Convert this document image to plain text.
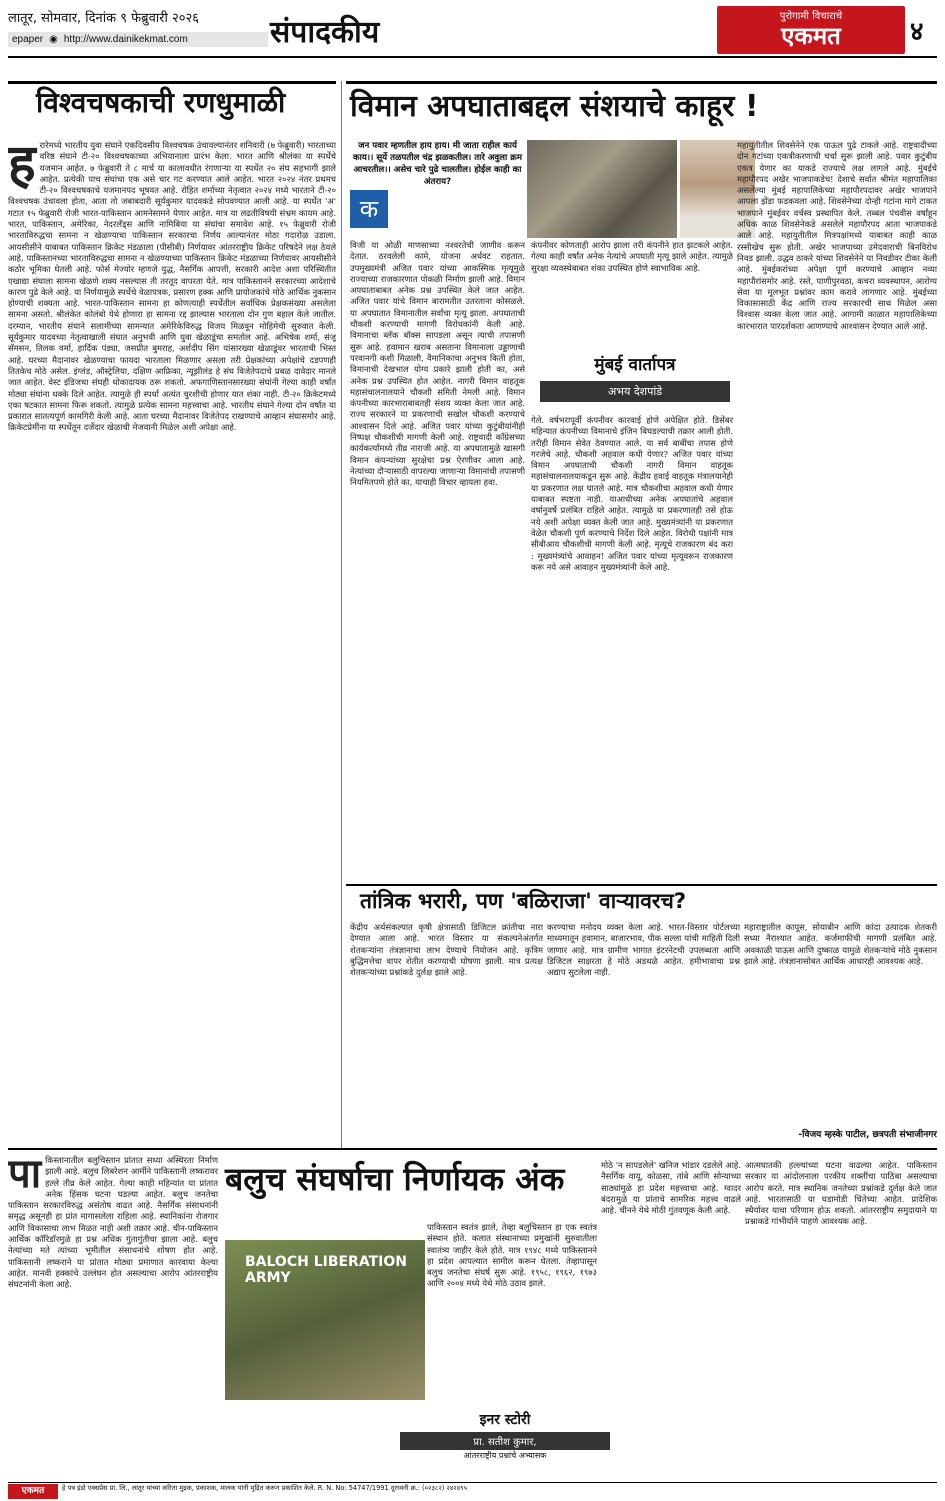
लातूर, सोमवार, दिनांक ९ फेब्रुवारी २०२६
epaper ◉ http://www.dainikekmat.com	संपादकीय	पुरोगामी विचाराचे
एकमत	४
विश्वचषकाची रणधुमाळी
ह रारेमध्ये भारतीय युवा संघाने एकदिवसीय विश्वचषक उंचावल्यानंतर शनिवारी (७ फेब्रुवारी) भारताच्या वरिष्ठ संघाने टी-२० विश्वचषकाच्या अभियानाला प्रारंभ केला. भारत आणि श्रीलंका या स्पर्धेचे यजमान आहेत. ७ फेब्रुवारी ते ८ मार्च या कालावधीत रंगणाऱ्या या स्पर्धेत २० संघ सहभागी झाले आहेत. प्रत्येकी पाच संघांचा एक असे चार गट करण्यात आले आहेत. भारत २०२४ नंतर प्रथमच टी-२० विश्वचषकाचे यजमानपद भूषवत आहे. रोहित शर्माच्या नेतृत्वात २०२४ मध्ये भारताने टी-२० विश्वचषक उंचावला होता, आता तो जबाबदारी सूर्यकुमार यादवकडे सोपवण्यात आली आहे. या स्पर्धेत 'अ' गटात १५ फेब्रुवारी रोजी भारत-पाकिस्तान आमनेसामने येणार आहेत. मात्र या लढतीविषयी संभ्रम कायम आहे. भारत, पाकिस्तान, अमेरिका, नेदरलँड्स आणि नामिबिया या संघांचा समावेश आहे. १५ फेब्रुवारी रोजी भारताविरुद्धचा सामना न खेळण्याचा पाकिस्तान सरकारचा निर्णय आल्यानंतर मोठा गदारोळ उडाला. आयसीसीने याबाबत पाकिस्तान क्रिकेट मंडळाला (पीसीबी) निर्णयावर आंतरराष्ट्रीय क्रिकेट परिषदेने लक्ष ठेवले आहे. पाकिस्तानच्या भारताविरुद्धचा सामना न खेळण्याच्या पाकिस्तान क्रिकेट मंडळाच्या निर्णयावर आयसीसीने कठोर भूमिका घेतली आहे. फोर्स मेज्योर म्हणजे युद्ध, नैसर्गिक आपत्ती, सरकारी आदेश अशा परिस्थितीत एखाद्या संघाला सामना खेळणे शक्य नसल्यास ती तरतूद वापरता येते. मात्र पाकिस्तानने सरकारच्या आदेशाचे कारण पुढे केले आहे. या निर्णयामुळे स्पर्धेचे वेळापत्रक, प्रसारण हक्क आणि प्रायोजकांचे मोठे आर्थिक नुकसान होण्याची शक्यता आहे. भारत-पाकिस्तान सामना हा कोणत्याही स्पर्धेतील सर्वाधिक प्रेक्षकसंख्या असलेला सामना असतो. श्रीलंकेत कोलंबो येथे होणारा हा सामना रद्द झाल्यास भारताला दोन गुण बहाल केले जातील. दरम्यान, भारतीय संघाने सलामीच्या सामन्यात अमेरिकेविरुद्ध विजय मिळवून मोहिमेची सुरुवात केली. सूर्यकुमार यादवच्या नेतृत्वाखाली संघात अनुभवी आणि युवा खेळाडूंचा समतोल आहे. अभिषेक शर्मा, संजू सॅमसन, तिलक वर्मा, हार्दिक पंड्या, जसप्रीत बुमराह, अर्शदीप सिंग यांसारख्या खेळाडूंवर भारताची भिस्त आहे. घरच्या मैदानावर खेळण्याचा फायदा भारताला मिळणार असला तरी प्रेक्षकांच्या अपेक्षांचे दडपणही तितकेच मोठे असेल. इंग्लंड, ऑस्ट्रेलिया, दक्षिण आफ्रिका, न्यूझीलंड हे संघ विजेतेपदाचे प्रबळ दावेदार मानले जात आहेत. वेस्ट इंडिजचा संघही धोकादायक ठरू शकतो. अफगाणिस्तानसारख्या संघांनी गेल्या काही वर्षांत मोठ्या संघांना धक्के दिले आहेत. त्यामुळे ही स्पर्धा अत्यंत चुरशीची होणार यात शंका नाही. टी-२० क्रिकेटमध्ये एका षटकात सामना फिरू शकतो. त्यामुळे प्रत्येक सामना महत्त्वाचा आहे. भारतीय संघाने गेल्या दोन वर्षांत या प्रकारात सातत्यपूर्ण कामगिरी केली आहे. आता घरच्या मैदानावर विजेतेपद राखण्याचे आव्हान संघासमोर आहे. क्रिकेटप्रेमींना या स्पर्धेतून दर्जेदार खेळाची मेजवानी मिळेल अशी अपेक्षा आहे.
विमान अपघाताबद्दल संशयाचे काहूर !
जन पवार म्हणतील हाय हाय। मी जाता राहील कार्य काय।। सूर्ये तळपतील चंद्र झळकतील। तारे अवुला क्रम आचरतील।। असेच चारे पुढे चालतील। होईल काही का अंतराय?
क
विजी या ओळी माणसाच्या नश्वरतेची जाणीव करून देतात. ठरवलेली कामे, योजना अर्धवट राहतात. उपमुख्यमंत्री अजित पवार यांच्या आकस्मिक मृत्यूमुळे राज्याच्या राजकारणात पोकळी निर्माण झाली आहे. विमान अपघाताबाबत अनेक प्रश्न उपस्थित केले जात आहेत. अजित पवार यांचे विमान बारामतीत उतरताना कोसळले. या अपघातात विमानातील सर्वांचा मृत्यू झाला. अपघाताची चौकशी करण्याची मागणी विरोधकांनी केली आहे. विमानाचा ब्लॅक बॉक्स सापडला असून त्याची तपासणी सुरू आहे. हवामान खराब असताना विमानाला उड्डाणाची परवानगी कशी मिळाली, वैमानिकाचा अनुभव किती होता, विमानाची देखभाल योग्य प्रकारे झाली होती का, असे अनेक प्रश्न उपस्थित होत आहेत. नागरी विमान वाहतूक महासंचालनालयाने चौकशी समिती नेमली आहे. विमान कंपनीच्या कारभाराबाबतही संशय व्यक्त केला जात आहे. राज्य सरकारने या प्रकरणाची सखोल चौकशी करण्याचे आश्वासन दिले आहे. अजित पवार यांच्या कुटुंबीयांनीही निष्पक्ष चौकशीची मागणी केली आहे. राष्ट्रवादी काँग्रेसच्या कार्यकर्त्यांमध्ये तीव्र नाराजी आहे. या अपघातामुळे खासगी विमान कंपन्यांच्या सुरक्षेचा प्रश्न ऐरणीवर आला आहे. नेत्यांच्या दौऱ्यासाठी वापरल्या जाणाऱ्या विमानांची तपासणी नियमितपणे होते का, याचाही विचार व्हायला हवा.
कंपनीवर कोणताही आरोप झाला तरी कंपनीने हात झटकले आहेत. गेल्या काही वर्षांत अनेक नेत्यांचे अपघाती मृत्यू झाले आहेत. त्यामुळे सुरक्षा व्यवस्थेबाबत शंका उपस्थित होणे स्वाभाविक आहे.
मुंबई वार्तापत्र
अभय देशपांडे
गेले. वर्षभरापूर्वी कंपनीवर कारवाई होणे अपेक्षित होते. डिसेंबर महिन्यात कंपनीच्या विमानाचे इंजिन बिघडल्याची तक्रार आली होती. तरीही विमान सेवेत ठेवण्यात आले. या सर्व बाबींचा तपास होणे गरजेचे आहे. चौकशी अहवाल कधी येणार? अजित पवार यांच्या विमान अपघाताची चौकशी नागरी विमान वाहतूक महासंचालनालयाकडून सुरू आहे. केंद्रीय हवाई वाहतूक मंत्रालयानेही या प्रकरणात लक्ष घातले आहे. मात्र चौकशीचा अहवाल कधी येणार याबाबत स्पष्टता नाही. याआधीच्या अनेक अपघातांचे अहवाल वर्षानुवर्षे प्रलंबित राहिले आहेत. त्यामुळे या प्रकरणातही तसे होऊ नये अशी अपेक्षा व्यक्त केली जात आहे. मुख्यमंत्र्यांनी या प्रकरणात वेळेत चौकशी पूर्ण करण्याचे निर्देश दिले आहेत. विरोधी पक्षांनी मात्र सीबीआय चौकशीची मागणी केली आहे. मृत्यूचे राजकारण बंद करा : मुख्यमंत्र्यांचे आवाहन! अजित पवार यांच्या मृत्यूवरून राजकारण करू नये असे आवाहन मुख्यमंत्र्यांनी केले आहे.
महायुतीतील शिवसेनेने एक पाऊल पुढे टाकले आहे. राष्ट्रवादीच्या दोन गटांच्या एकत्रीकरणाची चर्चा सुरू झाली आहे. पवार कुटुंबीय एकत्र येणार का याकडे राज्याचे लक्ष लागले आहे. मुंबईचे महापौरपद अखेर भाजपाकडेच! देशाचे सर्वात श्रीमंत महापालिका असलेल्या मुंबई महापालिकेच्या महापौरपदावर अखेर भाजपाने आपला झेंडा फडकवला आहे. शिवसेनेच्या दोन्ही गटांना मागे टाकत भाजपाने मुंबईवर वर्चस्व प्रस्थापित केले. तब्बल पंचवीस वर्षांहून अधिक काळ शिवसेनेकडे असलेले महापौरपद आता भाजपाकडे आले आहे. महायुतीतील मित्रपक्षांमध्ये याबाबत काही काळ रस्सीखेच सुरू होती. अखेर भाजपाच्या उमेदवाराची बिनविरोध निवड झाली. उद्धव ठाकरे यांच्या शिवसेनेने या निवडीवर टीका केली आहे. मुंबईकरांच्या अपेक्षा पूर्ण करण्याचे आव्हान नव्या महापौरांसमोर आहे. रस्ते, पाणीपुरवठा, कचरा व्यवस्थापन, आरोग्य सेवा या मूलभूत प्रश्नांवर काम करावे लागणार आहे. मुंबईच्या विकासासाठी केंद्र आणि राज्य सरकारची साथ मिळेल असा विश्वास व्यक्त केला जात आहे. आगामी काळात महापालिकेच्या कारभारात पारदर्शकता आणण्याचे आश्वासन देण्यात आले आहे.
तांत्रिक भरारी, पण 'बळिराजा' वाऱ्यावरच?
केंद्रीय अर्थसंकल्पात कृषी क्षेत्रासाठी डिजिटल क्रांतीचा नारा देण्यात आला आहे. भारत विस्तार या संकल्पनेअंतर्गत शेतकऱ्यांना तंत्रज्ञानाचा लाभ देण्याचे नियोजन आहे. कृत्रिम बुद्धिमत्तेचा वापर शेतीत करण्याची घोषणा झाली. मात्र प्रत्यक्ष शेतकऱ्यांच्या प्रश्नांकडे दुर्लक्ष झाले आहे.
करण्याचा मनोदय व्यक्त केला आहे. भारत-विस्तार पोर्टलच्या माध्यमातून हवामान, बाजारभाव, पीक सल्ला यांची माहिती दिली जाणार आहे. मात्र ग्रामीण भागात इंटरनेटची उपलब्धता आणि डिजिटल साक्षरता हे मोठे अडथळे आहेत. हमीभावाचा प्रश्न अद्याप सुटलेला नाही.
महाराष्ट्रातील कापूस, सोयाबीन आणि कांदा उत्पादक शेतकरी सध्या नैराश्यात आहेत. कर्जमाफीची मागणी प्रलंबित आहे. अवकाळी पाऊस आणि दुष्काळ यामुळे शेतकऱ्यांचे मोठे नुकसान झाले आहे. तंत्रज्ञानासोबत आर्थिक आधारही आवश्यक आहे.
-विजय म्हस्के पाटील, छत्रपती संभाजीनगर
पा किस्तानातील बलुचिस्तान प्रांतात सध्या अस्थिरता निर्माण झाली आहे. बलुच लिबरेशन आर्मीने पाकिस्तानी लष्करावर हल्ले तीव्र केले आहेत. गेल्या काही महिन्यांत या प्रांतात अनेक हिंसक घटना घडल्या आहेत. बलुच जनतेचा पाकिस्तान सरकारविरुद्ध असंतोष वाढत आहे. नैसर्गिक संसाधनांनी समृद्ध असूनही हा प्रांत मागासलेला राहिला आहे. स्थानिकांना रोजगार आणि विकासाचा लाभ मिळत नाही अशी तक्रार आहे. चीन-पाकिस्तान आर्थिक कॉरिडॉरमुळे हा प्रश्न अधिक गुंतागुंतीचा झाला आहे. बलुच नेत्यांच्या मते त्यांच्या भूमीतील संसाधनांचे शोषण होत आहे. पाकिस्तानी लष्कराने या प्रांतात मोठ्या प्रमाणात कारवाया केल्या आहेत. मानवी हक्कांचे उल्लंघन होत असल्याचा आरोप आंतरराष्ट्रीय संघटनांनी केला आहे.
बलुच संघर्षाचा निर्णायक अंक
BALOCH LIBERATION ARMY
पाकिस्तान स्वतंत्र झाले, तेव्हा बलुचिस्तान हा एक स्वतंत्र संस्थान होते. कलात संस्थानाच्या प्रमुखांनी सुरुवातीला स्वातंत्र्य जाहीर केले होते. मात्र १९४८ मध्ये पाकिस्तानने हा प्रदेश आपल्यात सामील करून घेतला. तेव्हापासून बलुच जनतेचा संघर्ष सुरू आहे. १९५८, १९६२, १९७३ आणि २००४ मध्ये येथे मोठे उठाव झाले.
इनर स्टोरी
प्रा. सतीश कुमार,
आंतरराष्ट्रीय प्रश्नांचे अभ्यासक
मोठे 'न सापडलेले' खनिज भांडार दडलेले आहे. नैसर्गिक वायू, कोळसा, तांबे आणि सोन्याच्या साठ्यांमुळे हा प्रदेश महत्त्वाचा आहे. ग्वादर बंदरामुळे या प्रांताचे सामरिक महत्त्व वाढले आहे. चीनने येथे मोठी गुंतवणूक केली आहे.
आत्मघातकी हल्ल्यांच्या घटना वाढल्या आहेत. पाकिस्तान सरकार या आंदोलनाला परकीय शक्तींचा पाठिंबा असल्याचा आरोप करते. मात्र स्थानिक जनतेच्या प्रश्नांकडे दुर्लक्ष केले जात आहे. भारतासाठी या घडामोडी चिंतेच्या आहेत. प्रादेशिक स्थैर्यावर याचा परिणाम होऊ शकतो. आंतरराष्ट्रीय समुदायाने या प्रश्नाकडे गांभीर्याने पाहणे आवश्यक आहे.
एकमत	हे पत्र इंडो एक्सप्रेस प्रा. लि., लातूर यांच्या करिता मुद्रक, प्रकाशक, मालक यांनी मुद्रित करून प्रकाशित केले. R. N. No: 54747/1991 दूरध्वनी क्र.: (०२३८२) २४२४९५
